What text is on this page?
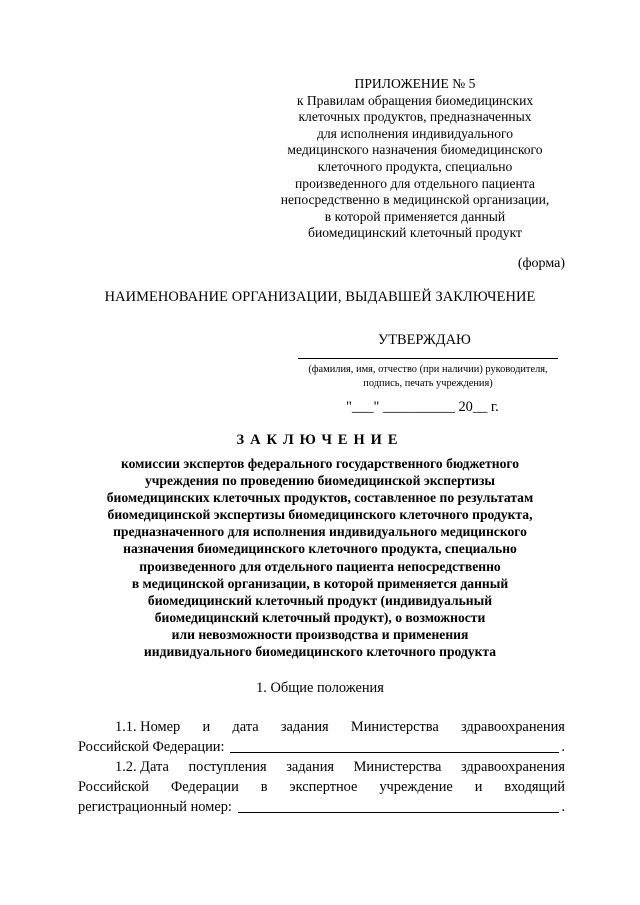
ПРИЛОЖЕНИЕ № 5
к Правилам обращения биомедицинских
клеточных продуктов, предназначенных
для исполнения индивидуального
медицинского назначения биомедицинского
клеточного продукта, специально
произведенного для отдельного пациента
непосредственно в медицинской организации,
в которой применяется данный
биомедицинский клеточный продукт
(форма)
НАИМЕНОВАНИЕ ОРГАНИЗАЦИИ, ВЫДАВШЕЙ ЗАКЛЮЧЕНИЕ
УТВЕРЖДАЮ
(фамилия, имя, отчество (при наличии) руководителя,
подпись, печать учреждения)
"___" __________ 20__ г.
ЗАКЛЮЧЕНИЕ
комиссии экспертов федерального государственного бюджетного
учреждения по проведению биомедицинской экспертизы
биомедицинских клеточных продуктов, составленное по результатам
биомедицинской экспертизы биомедицинского клеточного продукта,
предназначенного для исполнения индивидуального медицинского
назначения биомедицинского клеточного продукта, специально
произведенного для отдельного пациента непосредственно
в медицинской организации, в которой применяется данный
биомедицинский клеточный продукт (индивидуальный
биомедицинский клеточный продукт), о возможности
или невозможности производства и применения
индивидуального биомедицинского клеточного продукта
1. Общие положения
1.1. Номер и дата задания Министерства здравоохранения
Российской Федерации:	.
1.2. Дата поступления задания Министерства здравоохранения
Российской Федерации в экспертное учреждение и входящий
регистрационный номер:	.
